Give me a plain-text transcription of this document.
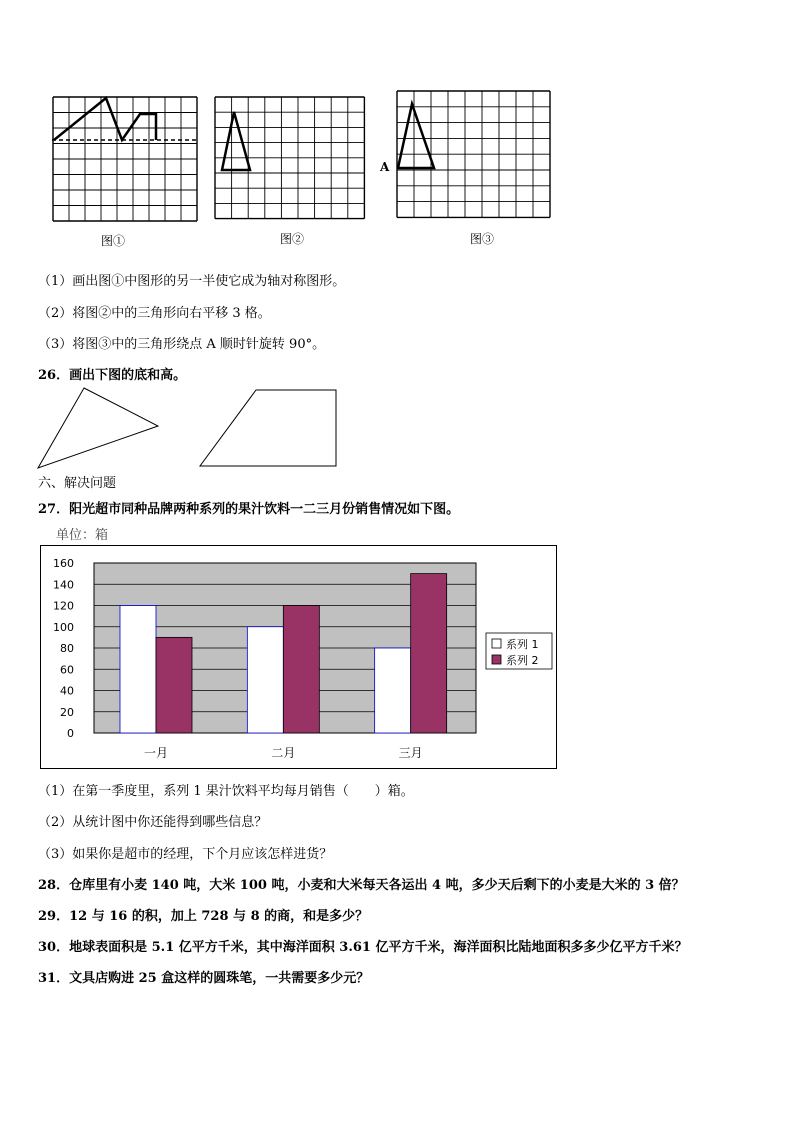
图①	图②
A
图③
（1）画出图①中图形的另一半使它成为轴对称图形。
（2）将图②中的三角形向右平移 3 格。
（3）将图③中的三角形绕点 A 顺时针旋转 90°。
26．画出下图的底和高。
六、解决问题
27．阳光超市同种品牌两种系列的果汁饮料一二三月份销售情况如下图。
单位：箱
0
20
40
60
80
100
120
140
160
一月	二月	三月
系列 1
系列 2
（1）在第一季度里，系列 1 果汁饮料平均每月销售（　　）箱。
（2）从统计图中你还能得到哪些信息？
（3）如果你是超市的经理，下个月应该怎样进货？
28．仓库里有小麦 140 吨，大米 100 吨，小麦和大米每天各运出 4 吨，多少天后剩下的小麦是大米的 3 倍？
29．12 与 16 的积，加上 728 与 8 的商，和是多少？
30．地球表面积是 5.1 亿平方千米，其中海洋面积 3.61 亿平方千米，海洋面积比陆地面积多多少亿平方千米？
31．文具店购进 25 盒这样的圆珠笔，一共需要多少元？
